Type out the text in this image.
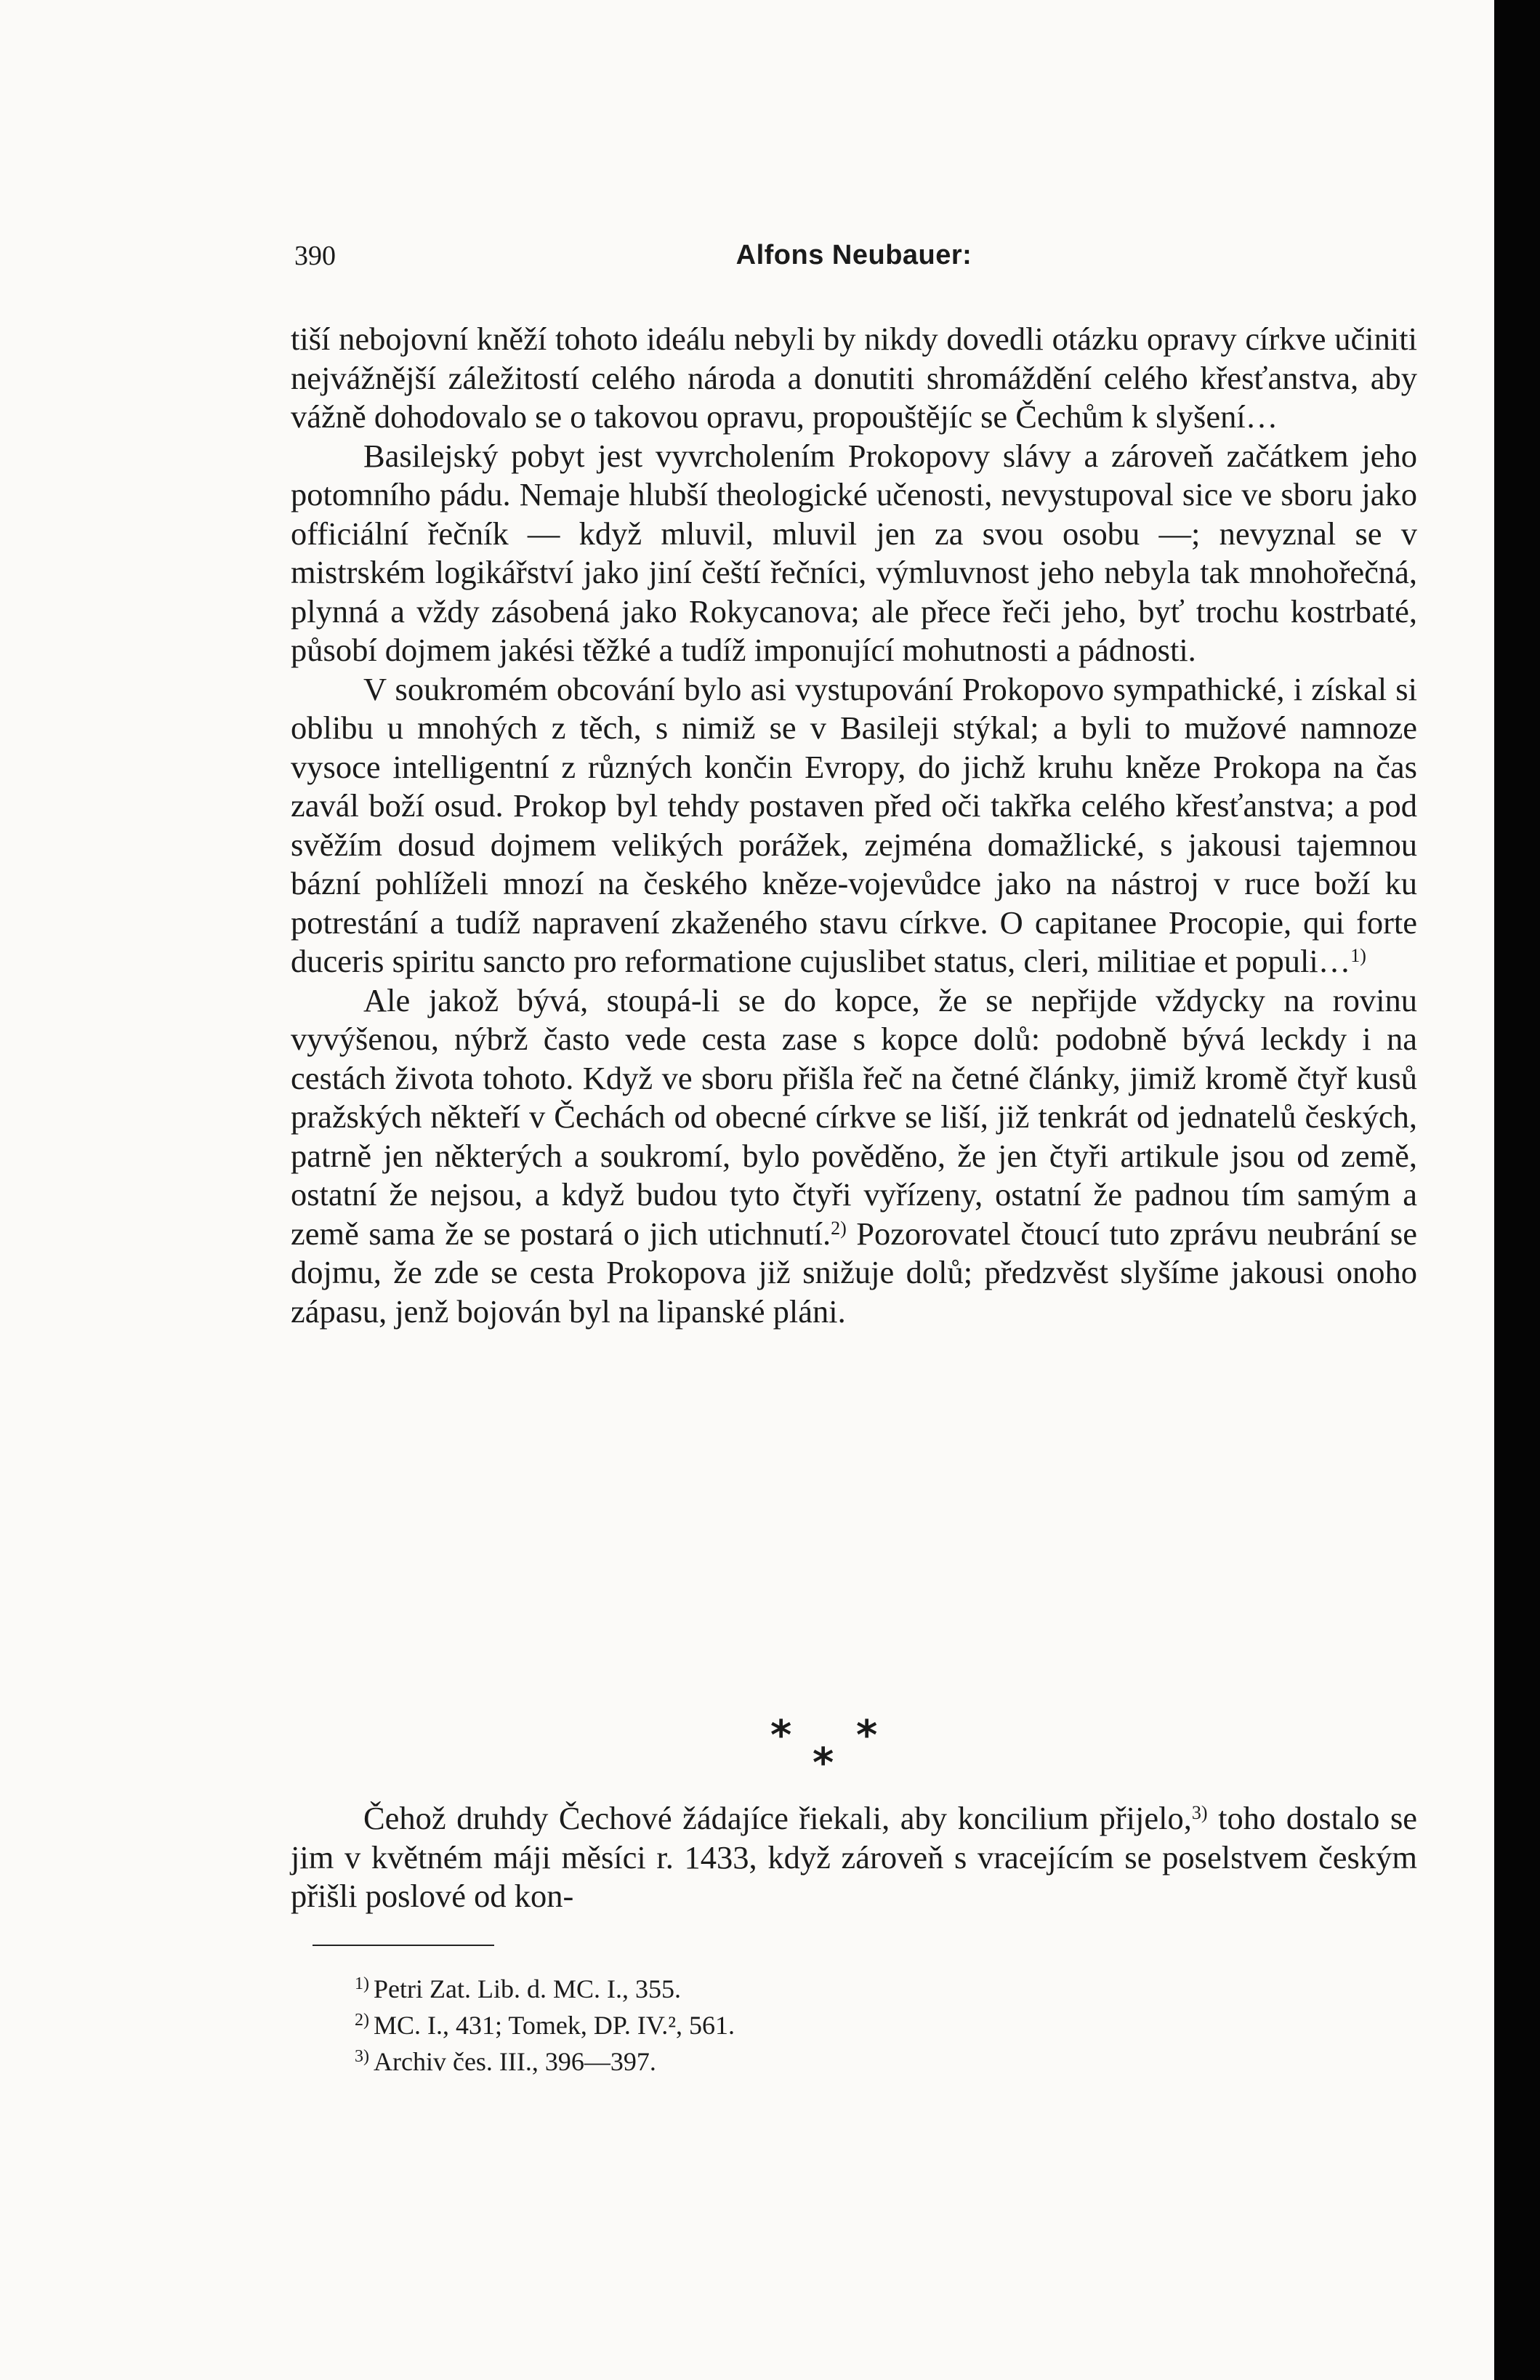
390	Alfons Neubauer:

tiší nebojovní kněží tohoto ideálu nebyli by nikdy dovedli otázku opravy církve učiniti nejvážnější záležitostí celého národa a donutiti shromáždění celého křesťanstva, aby vážně dohodovalo se o takovou opravu, propouštějíc se Čechům k slyšení…

Basilejský pobyt jest vyvrcholením Prokopovy slávy a zároveň začátkem jeho potomního pádu. Nemaje hlubší theologické učenosti, nevystupoval sice ve sboru jako officiální řečník — když mluvil, mluvil jen za svou osobu —; nevyznal se v mistrském logikářství jako jiní čeští řečníci, výmluvnost jeho nebyla tak mnohořečná, plynná a vždy zásobená jako Rokycanova; ale přece řeči jeho, byť trochu kostrbaté, působí dojmem jakési těžké a tudíž imponující mohutnosti a pádnosti.

V soukromém obcování bylo asi vystupování Prokopovo sympathické, i získal si oblibu u mnohých z těch, s nimiž se v Basileji stýkal; a byli to mužové namnoze vysoce intelligentní z různých končin Evropy, do jichž kruhu kněze Prokopa na čas zavál boží osud. Prokop byl tehdy postaven před oči takřka celého křesťanstva; a pod svěžím dosud dojmem velikých porážek, zejména domažlické, s jakousi tajemnou bázní pohlíželi mnozí na českého kněze-vojevůdce jako na nástroj v ruce boží ku potrestání a tudíž napravení zkaženého stavu církve. O capitanee Procopie, qui forte duceris spiritu sancto pro reformatione cujuslibet status, cleri, militiae et populi…$^{1)}$

Ale jakož bývá, stoupá-li se do kopce, že se nepřijde vždycky na rovinu vyvýšenou, nýbrž často vede cesta zase s kopce dolů: podobně bývá leckdy i na cestách života tohoto. Když ve sboru přišla řeč na četné články, jimiž kromě čtyř kusů pražských někteří v Čechách od obecné církve se liší, již tenkrát od jednatelů českých, patrně jen některých a soukromí, bylo pověděno, že jen čtyři artikule jsou od země, ostatní že nejsou, a když budou tyto čtyři vyřízeny, ostatní že padnou tím samým a země sama že se postará o jich utichnutí.$^{2)}$ Pozorovatel čtoucí tuto zprávu neubrání se dojmu, že zde se cesta Prokopova již snižuje dolů; předzvěst slyšíme jakousi onoho zápasu, jenž bojován byl na lipanské pláni.

*
*
*

Čehož druhdy Čechové žádajíce řiekali, aby koncilium přijelo,$^{3)}$ toho dostalo se jim v květném máji měsíci r. 1433, když zároveň s vracejícím se poselstvem českým přišli poslové od kon-

$^{1)}$ Petri Zat. Lib. d. MC. I., 355.
$^{2)}$ MC. I., 431; Tomek, DP. IV.², 561.
$^{3)}$ Archiv čes. III., 396—397.
